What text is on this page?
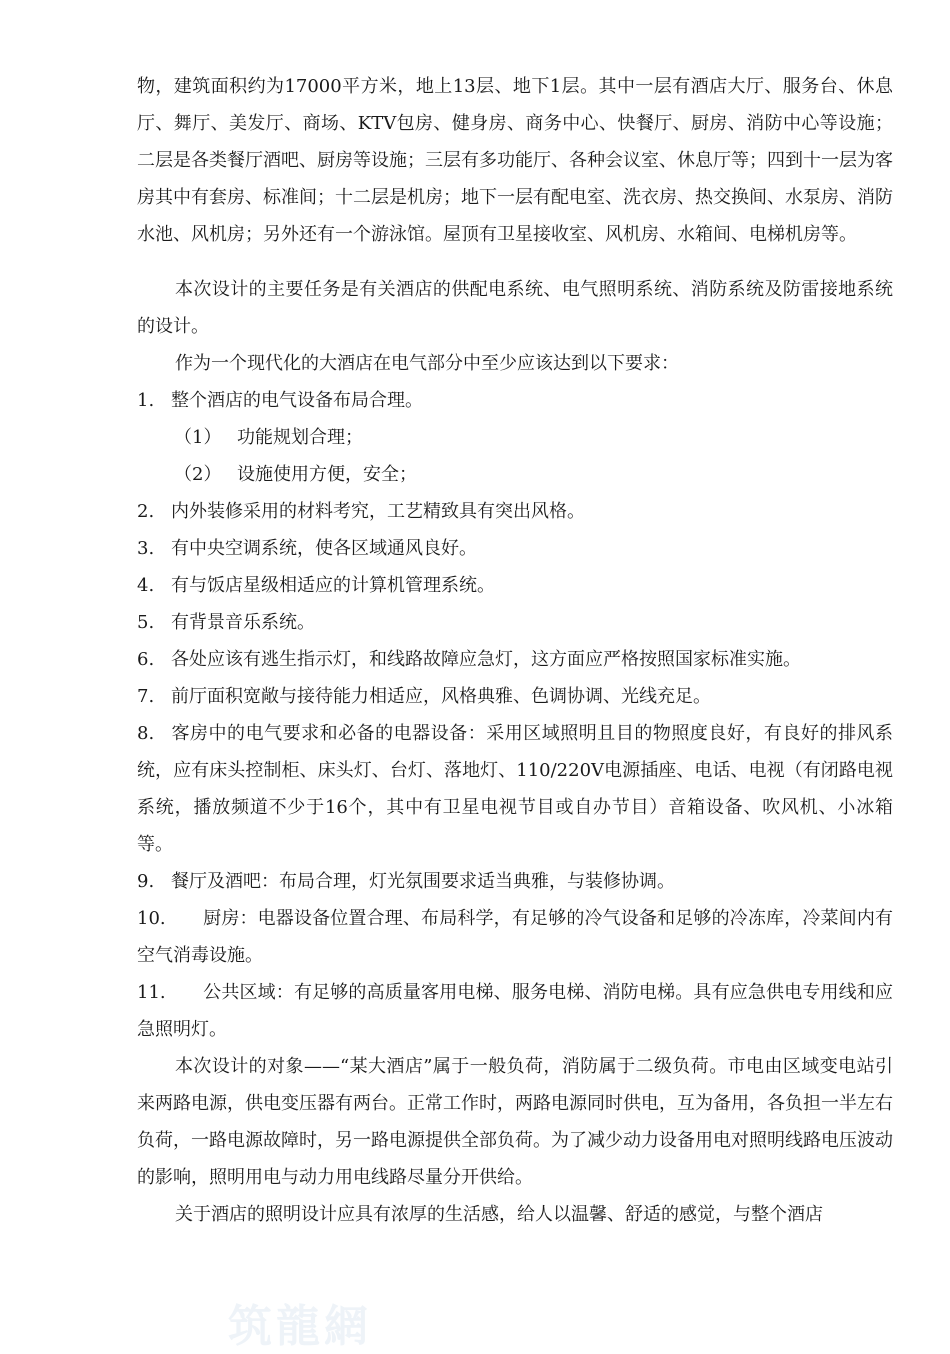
物，建筑面积约为17000平方米，地上13层、地下1层。其中一层有酒店大厅、服务台、休息厅、舞厅、美发厅、商场、KTV包房、健身房、商务中心、快餐厅、厨房、消防中心等设施；二层是各类餐厅酒吧、厨房等设施；三层有多功能厅、各种会议室、休息厅等；四到十一层为客房其中有套房、标准间；十二层是机房；地下一层有配电室、洗衣房、热交换间、水泵房、消防水池、风机房；另外还有一个游泳馆。屋顶有卫星接收室、风机房、水箱间、电梯机房等。

本次设计的主要任务是有关酒店的供配电系统、电气照明系统、消防系统及防雷接地系统的设计。

作为一个现代化的大酒店在电气部分中至少应该达到以下要求：

1. 整个酒店的电气设备布局合理。

（1） 功能规划合理；

（2） 设施使用方便，安全；

2. 内外装修采用的材料考究，工艺精致具有突出风格。

3. 有中央空调系统，使各区域通风良好。

4. 有与饭店星级相适应的计算机管理系统。

5. 有背景音乐系统。

6. 各处应该有逃生指示灯，和线路故障应急灯，这方面应严格按照国家标准实施。

7. 前厅面积宽敞与接待能力相适应，风格典雅、色调协调、光线充足。

8. 客房中的电气要求和必备的电器设备：采用区域照明且目的物照度良好，有良好的排风系统，应有床头控制柜、床头灯、台灯、落地灯、110/220V电源插座、电话、电视（有闭路电视系统，播放频道不少于16个，其中有卫星电视节目或自办节目）音箱设备、吹风机、小冰箱等。

9. 餐厅及酒吧：布局合理，灯光氛围要求适当典雅，与装修协调。

10. 厨房：电器设备位置合理、布局科学，有足够的冷气设备和足够的冷冻库，冷菜间内有空气消毒设施。

11. 公共区域：有足够的高质量客用电梯、服务电梯、消防电梯。具有应急供电专用线和应急照明灯。

本次设计的对象——“某大酒店”属于一般负荷，消防属于二级负荷。市电由区域变电站引来两路电源，供电变压器有两台。正常工作时，两路电源同时供电，互为备用，各负担一半左右负荷，一路电源故障时，另一路电源提供全部负荷。为了减少动力设备用电对照明线路电压波动的影响，照明用电与动力用电线路尽量分开供给。

关于酒店的照明设计应具有浓厚的生活感，给人以温馨、舒适的感觉，与整个酒店

筑龍網
